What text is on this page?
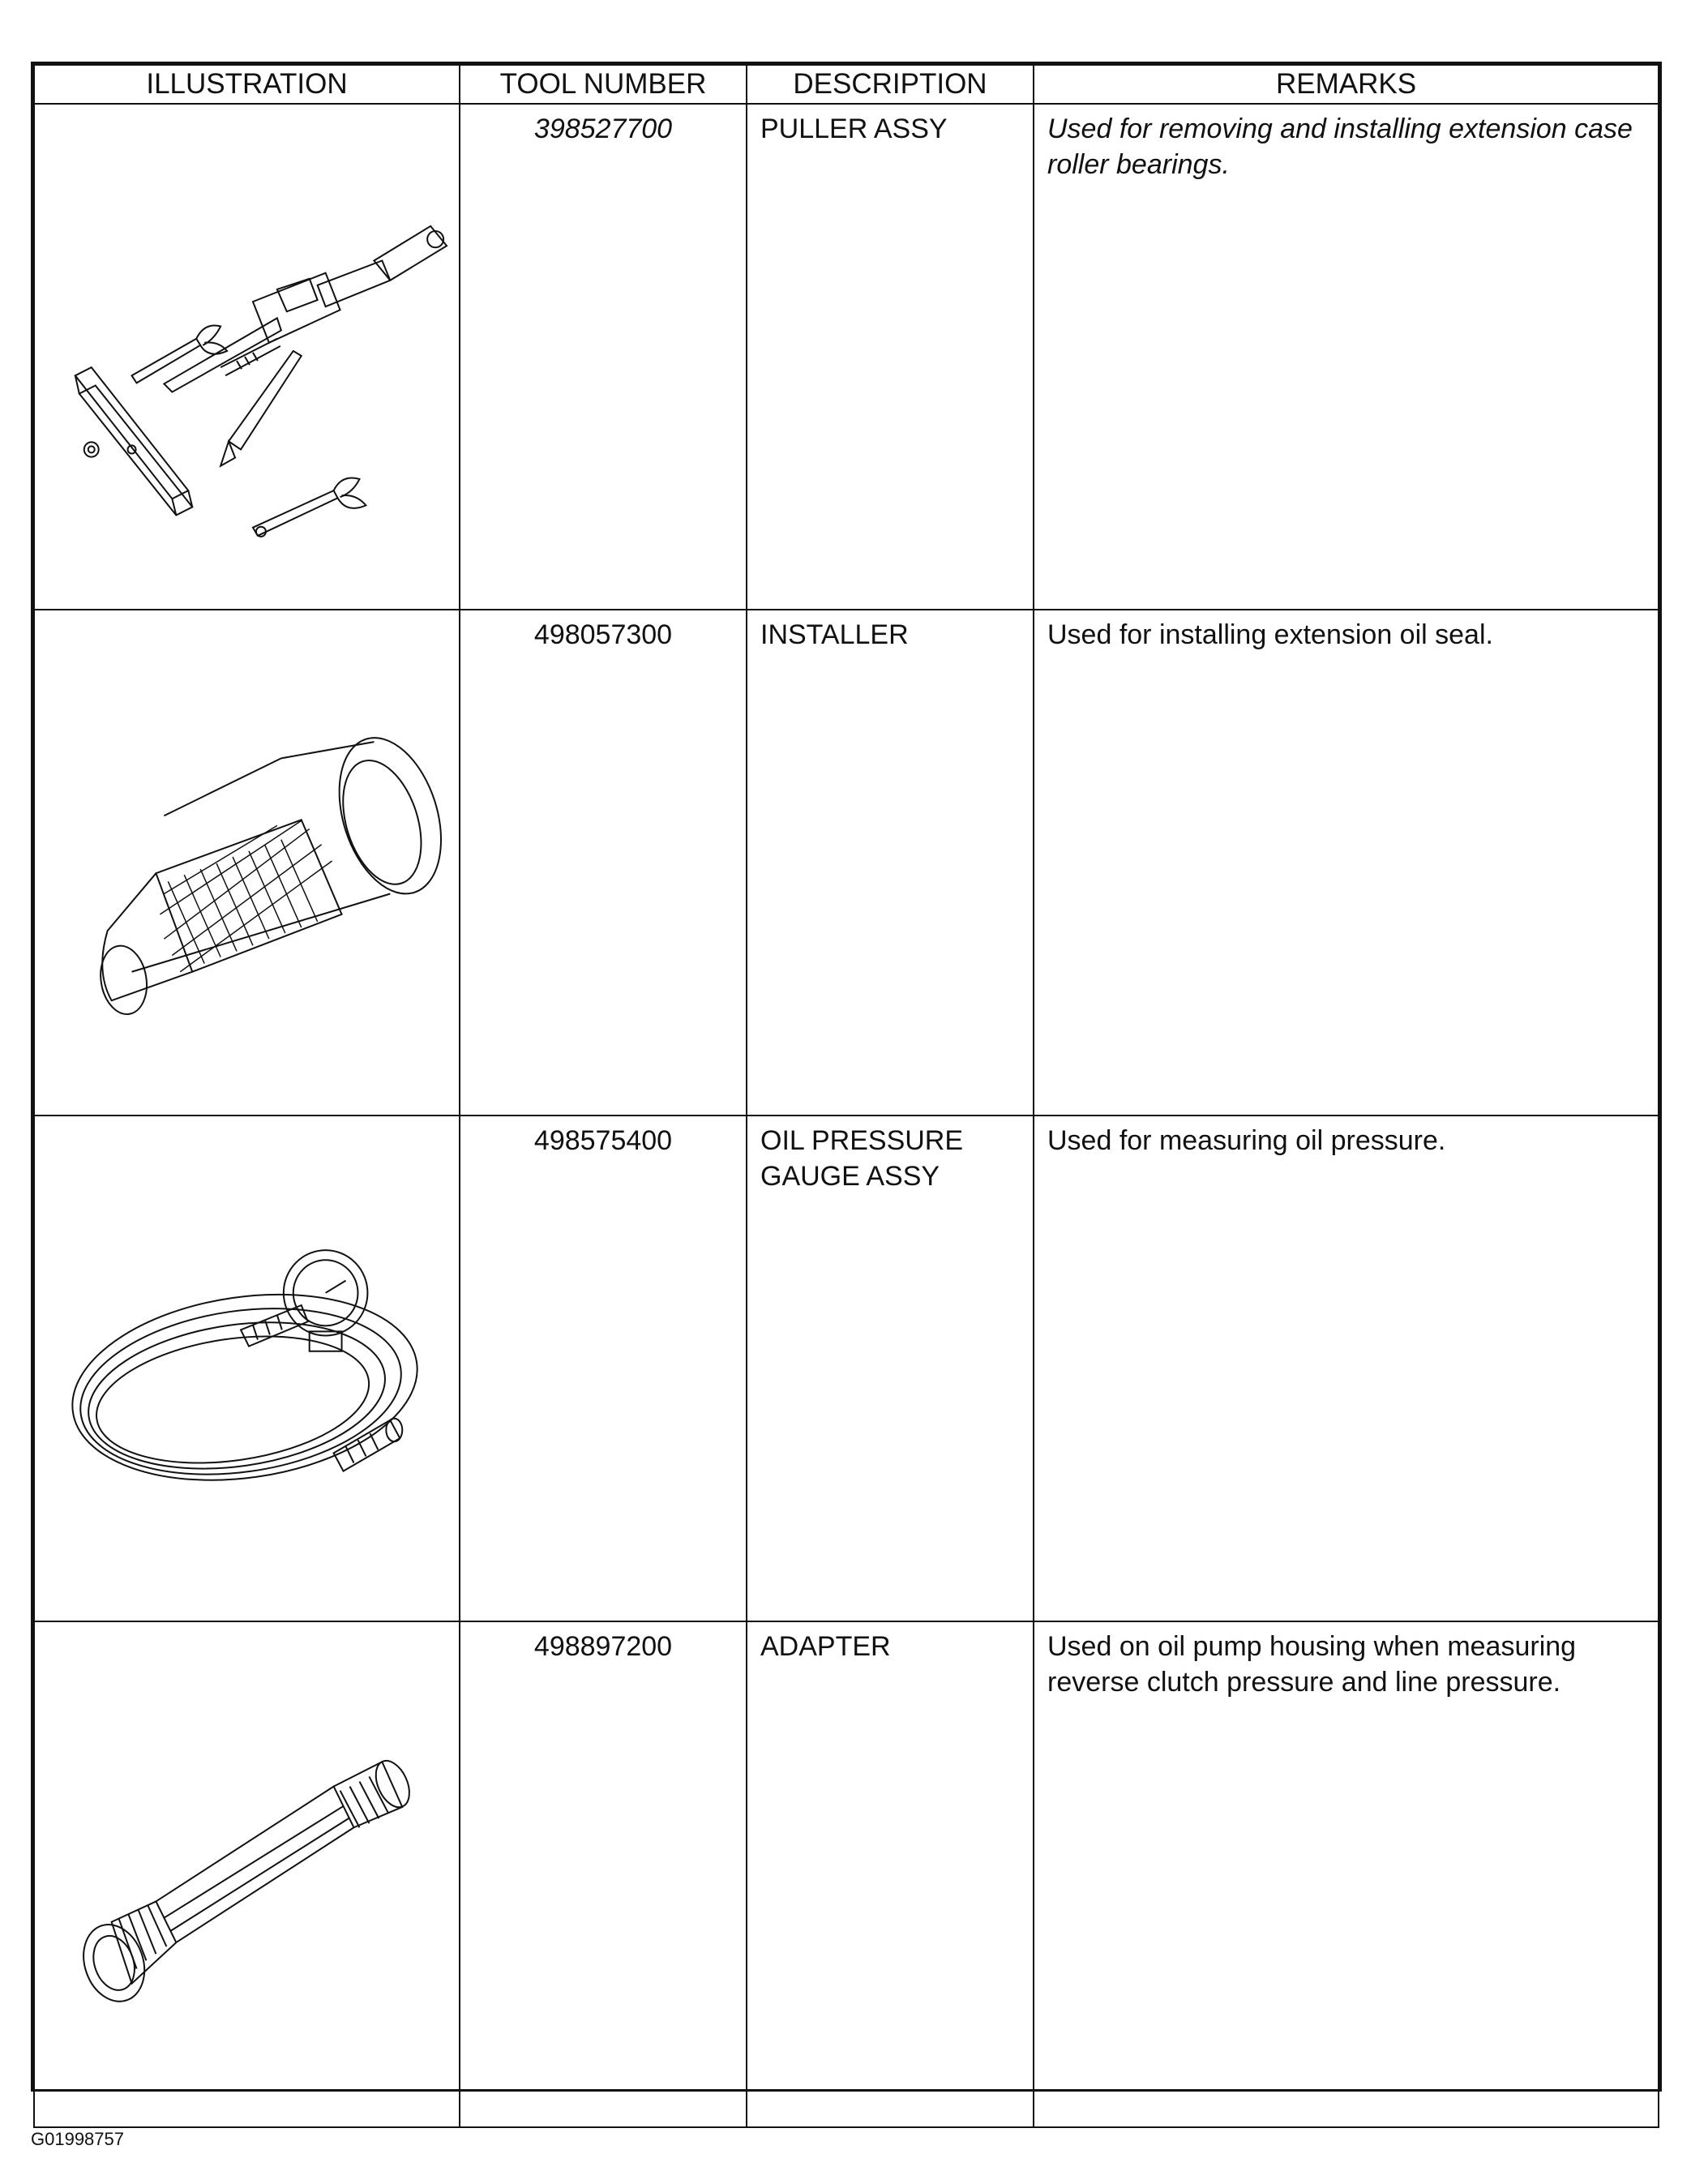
ILLUSTRATION	TOOL NUMBER	DESCRIPTION	REMARKS

	398527700	PULLER ASSY	Used for removing and installing extension case roller bearings.

	498057300	INSTALLER	Used for installing extension oil seal.

	498575400	OIL PRESSURE GAUGE ASSY	Used for measuring oil pressure.

	498897200	ADAPTER	Used on oil pump housing when measuring reverse clutch pressure and line pressure.
G01998757
